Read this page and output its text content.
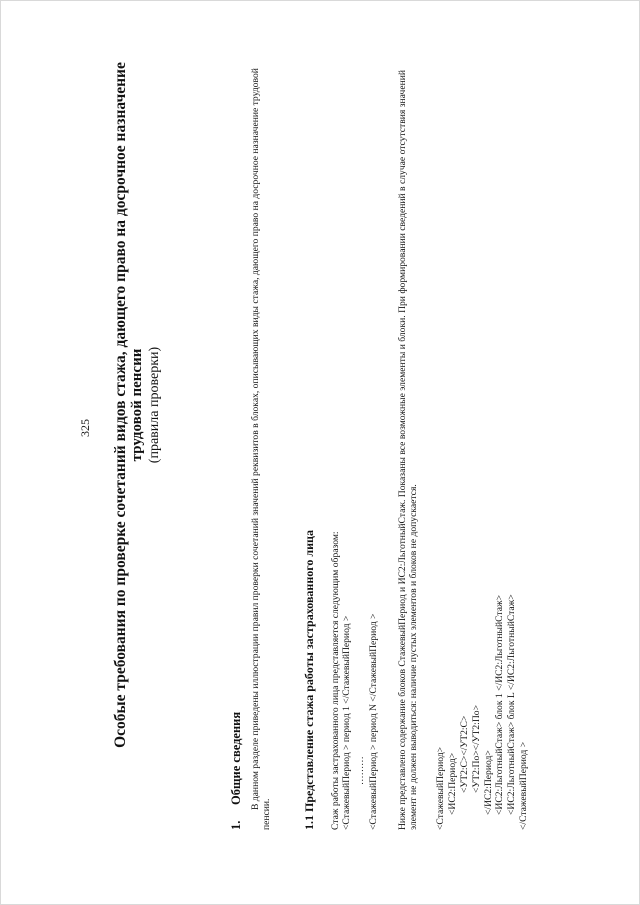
325 Особые требования по проверке сочетаний видов стажа, дающего право на досрочное назначение трудовой пенсии (правила проверки)
1.
Общие сведения В данном разделе приведены иллюстрации правил проверки сочетаний значений реквизитов в блоках, описывающих виды стажа, дающего право на досрочное назначение трудовой пенсии.	1.1 Представление стажа работы застрахованного лица Стаж работы застрахованного лица представляется следующим образом: <СтажевыйПериод > период 1 </СтажевыйПериод > ……… <СтажевыйПериод > период N </СтажевыйПериод > Ниже представлено содержание блоков СтажевыйПериод и ИС2:ЛьготныйСтаж. Показаны все возможные элементы и блоки. При формировании сведений в случае отсутствия значений элемент не должен выводиться: наличие пустых элементов и блоков не допускается. <СтажевыйПериод> <ИС2:Период> <УТ2:С></УТ2:С> <УТ2:По></УТ2:По> </ИС2:Период> <ИС2:ЛьготныйСтаж> блок 1 </ИС2:ЛьготныйСтаж> <ИС2:ЛьготныйСтаж> блок L </ИС2:ЛьготныйСтаж> </СтажевыйПериод >
